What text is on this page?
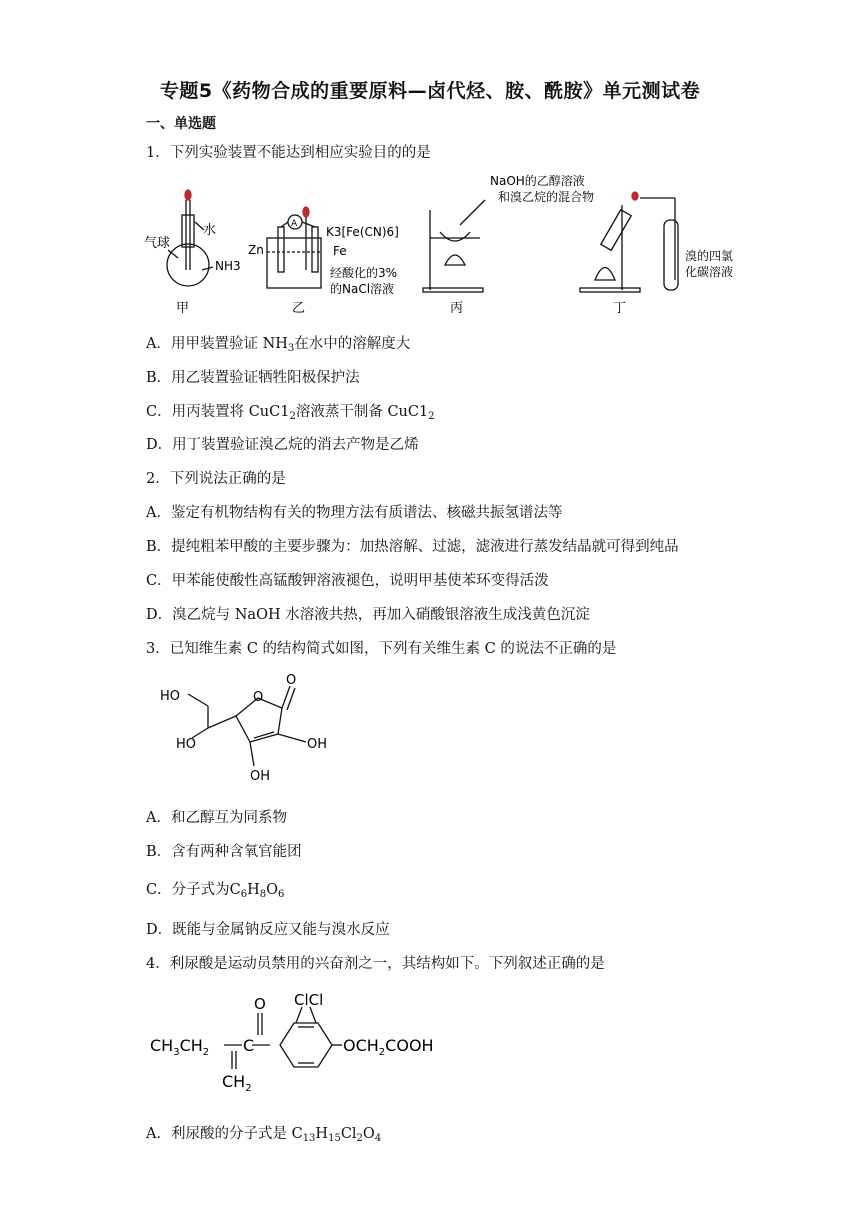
专题5《药物合成的重要原料—卤代烃、胺、酰胺》单元测试卷
一、单选题
1．下列实验装置不能达到相应实验目的的是
水
气球
NH3
甲
A
Zn	Fe
K3[Fe(CN)6]
经酸化的3%
的NaCl溶液
乙	丙
NaOH的乙醇溶液
和溴乙烷的混合物
溴的四氯
化碳溶液
丁
A．用甲装置验证 $NH_3$在水中的溶解度大
B．用乙装置验证牺牲阳极保护法
C．用丙装置将 $CuC1_2$溶液蒸干制备 $CuC1_2$
D．用丁装置验证溴乙烷的消去产物是乙烯
2．下列说法正确的是
A．鉴定有机物结构有关的物理方法有质谱法、核磁共振氢谱法等
B．提纯粗苯甲酸的主要步骤为：加热溶解、过滤，滤液进行蒸发结晶就可得到纯品
C．甲苯能使酸性高锰酸钾溶液褪色，说明甲基使苯环变得活泼
D．溴乙烷与 NaOH 水溶液共热，再加入硝酸银溶液生成浅黄色沉淀
3．已知维生素 C 的结构简式如图，下列有关维生素 C 的说法不正确的是
HO
HO	OH
OH
O
O
A．和乙醇互为同系物
B．含有两种含氧官能团
C．分子式为$C_6H_8O_6$
D．既能与金属钠反应又能与溴水反应
4．利尿酸是运动员禁用的兴奋剂之一，其结构如下。下列叙述正确的是
$CH_3CH_2$ C
O ClCl
$CH_2$
$OCH_2COOH$
A．利尿酸的分子式是 $C_{13}H_{15}Cl_2O_4$
